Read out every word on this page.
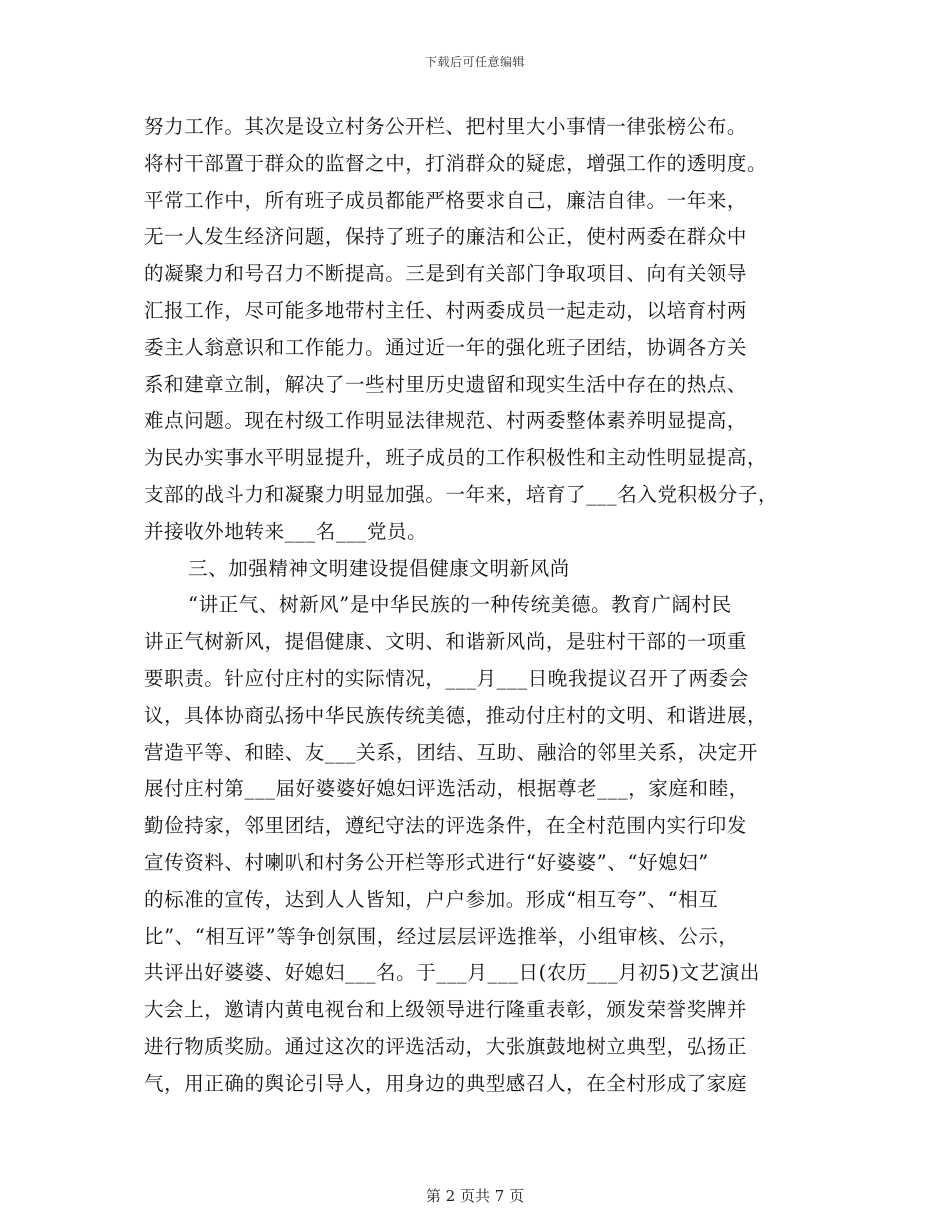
下载后可任意编辑
努力工作。其次是设立村务公开栏、把村里大小事情一律张榜公布。
将村干部置于群众的监督之中，打消群众的疑虑，增强工作的透明度。
平常工作中，所有班子成员都能严格要求自己，廉洁自律。一年来，
无一人发生经济问题，保持了班子的廉洁和公正，使村两委在群众中
的凝聚力和号召力不断提高。三是到有关部门争取项目、向有关领导
汇报工作，尽可能多地带村主任、村两委成员一起走动，以培育村两
委主人翁意识和工作能力。通过近一年的强化班子团结，协调各方关
系和建章立制，解决了一些村里历史遗留和现实生活中存在的热点、
难点问题。现在村级工作明显法律规范、村两委整体素养明显提高，
为民办实事水平明显提升，班子成员的工作积极性和主动性明显提高，
支部的战斗力和凝聚力明显加强。一年来，培育了___名入党积极分子，
并接收外地转来___名___党员。
三、加强精神文明建设提倡健康文明新风尚
“讲正气、树新风”是中华民族的一种传统美德。教育广阔村民
讲正气树新风，提倡健康、文明、和谐新风尚，是驻村干部的一项重
要职责。针应付庄村的实际情况，___月___日晚我提议召开了两委会
议，具体协商弘扬中华民族传统美德，推动付庄村的文明、和谐进展，
营造平等、和睦、友___关系，团结、互助、融洽的邻里关系，决定开
展付庄村第___届好婆婆好媳妇评选活动，根据尊老___，家庭和睦，
勤俭持家，邻里团结，遵纪守法的评选条件，在全村范围内实行印发
宣传资料、村喇叭和村务公开栏等形式进行“好婆婆”、“好媳妇”
的标准的宣传，达到人人皆知，户户参加。形成“相互夸”、“相互
比”、“相互评”等争创氛围，经过层层评选推举，小组审核、公示，
共评出好婆婆、好媳妇___名。于___月___日(农历___月初5)文艺演出
大会上，邀请内黄电视台和上级领导进行隆重表彰，颁发荣誉奖牌并
进行物质奖励。通过这次的评选活动，大张旗鼓地树立典型，弘扬正
气，用正确的舆论引导人，用身边的典型感召人，在全村形成了家庭
第 2 页共 7 页
